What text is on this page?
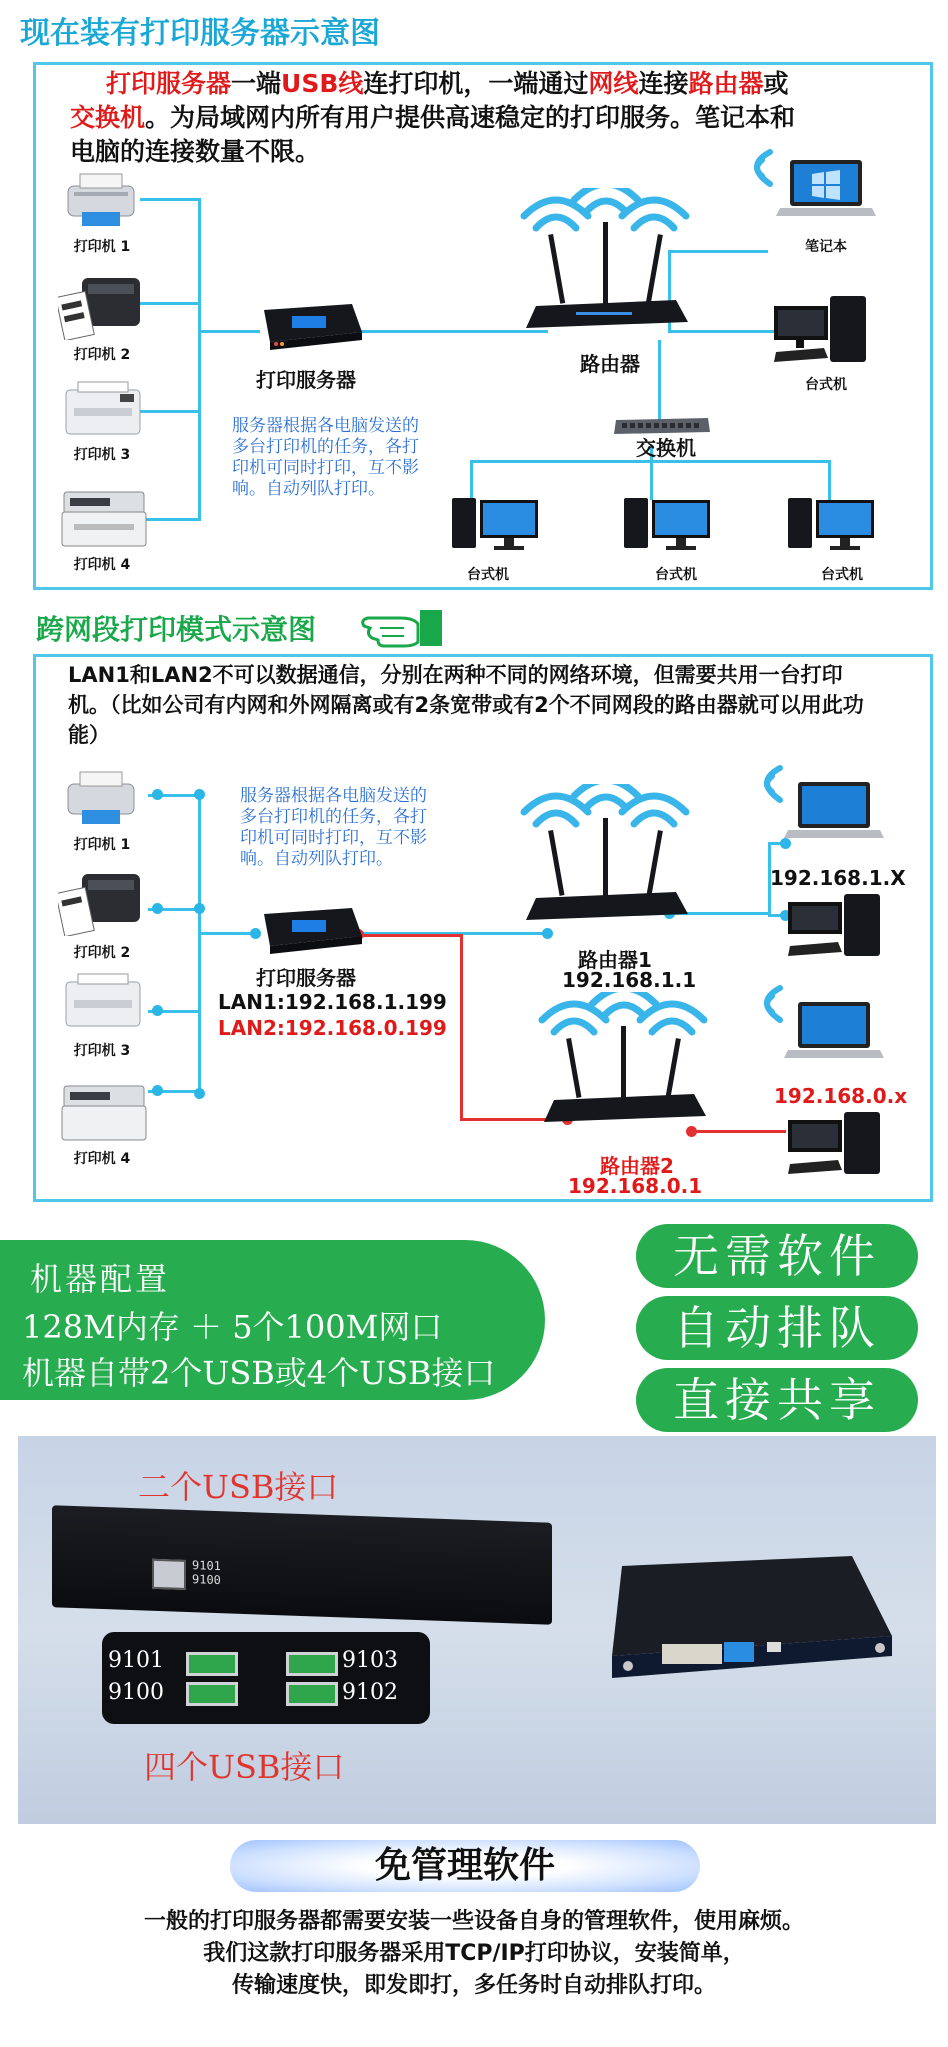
现在装有打印服务器示意图
打印服务器一端USB线连打印机，一端通过网线连接路由器或
交换机。为局域网内所有用户提供高速稳定的打印服务。笔记本和
电脑的连接数量不限。
打印机 1
打印机 2
打印机 3
打印机 4
打印服务器
服务器根据各电脑发送的多台打印机的任务，各打印机可同时打印，互不影响。自动列队打印。
路由器
交换机
笔记本
台式机
台式机	台式机	台式机
跨网段打印模式示意图
LAN1和LAN2不可以数据通信，分别在两种不同的网络环境，但需要共用一台打印机。（比如公司有内网和外网隔离或有2条宽带或有2个不同网段的路由器就可以用此功能）
打印机 1
打印机 2
打印机 3
打印机 4
服务器根据各电脑发送的多台打印机的任务，各打印机可同时打印，互不影响。自动列队打印。
打印服务器
LAN1:192.168.1.199
LAN2:192.168.0.199
路由器1
192.168.1.1
路由器2
192.168.0.1
192.168.1.X
192.168.0.x
机器配置
128M内存 ＋ 5个100M网口
机器自带2个USB或4个USB接口
无需软件
自动排队
直接共享
二个USB接口
9101
9100
9101
9100
9103
9102
四个USB接口
免管理软件
一般的打印服务器都需要安装一些设备自身的管理软件，使用麻烦。
我们这款打印服务器采用TCP/IP打印协议，安装简单，
传输速度快，即发即打，多任务时自动排队打印。
